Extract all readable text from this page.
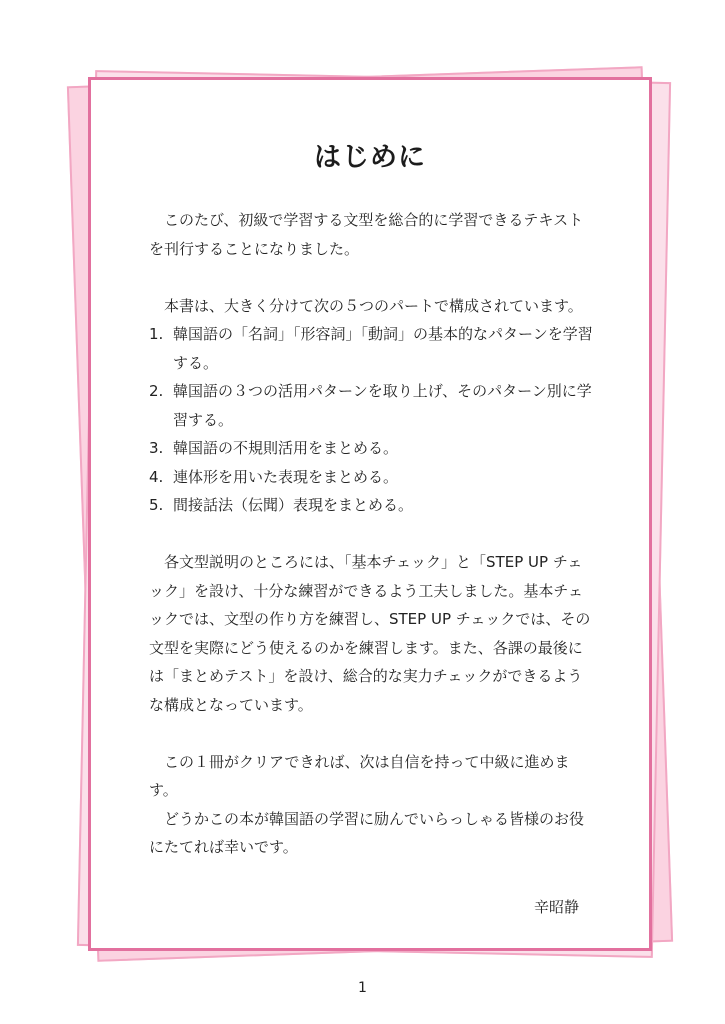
はじめに

このたび、初級で学習する文型を総合的に学習できるテキストを刊行することになりました。

本書は、大きく分けて次の５つのパートで構成されています。

1. 韓国語の「名詞」「形容詞」「動詞」の基本的なパターンを学習する。
2. 韓国語の３つの活用パターンを取り上げ、そのパターン別に学習する。
3. 韓国語の不規則活用をまとめる。
4. 連体形を用いた表現をまとめる。
5. 間接話法（伝聞）表現をまとめる。

各文型説明のところには、「基本チェック」と「STEP UP チェック」を設け、十分な練習ができるよう工夫しました。基本チェックでは、文型の作り方を練習し、STEP UP チェックでは、その文型を実際にどう使えるのかを練習します。また、各課の最後には「まとめテスト」を設け、総合的な実力チェックができるような構成となっています。

この１冊がクリアできれば、次は自信を持って中級に進めます。

どうかこの本が韓国語の学習に励んでいらっしゃる皆様のお役にたてれば幸いです。

辛昭静
1
